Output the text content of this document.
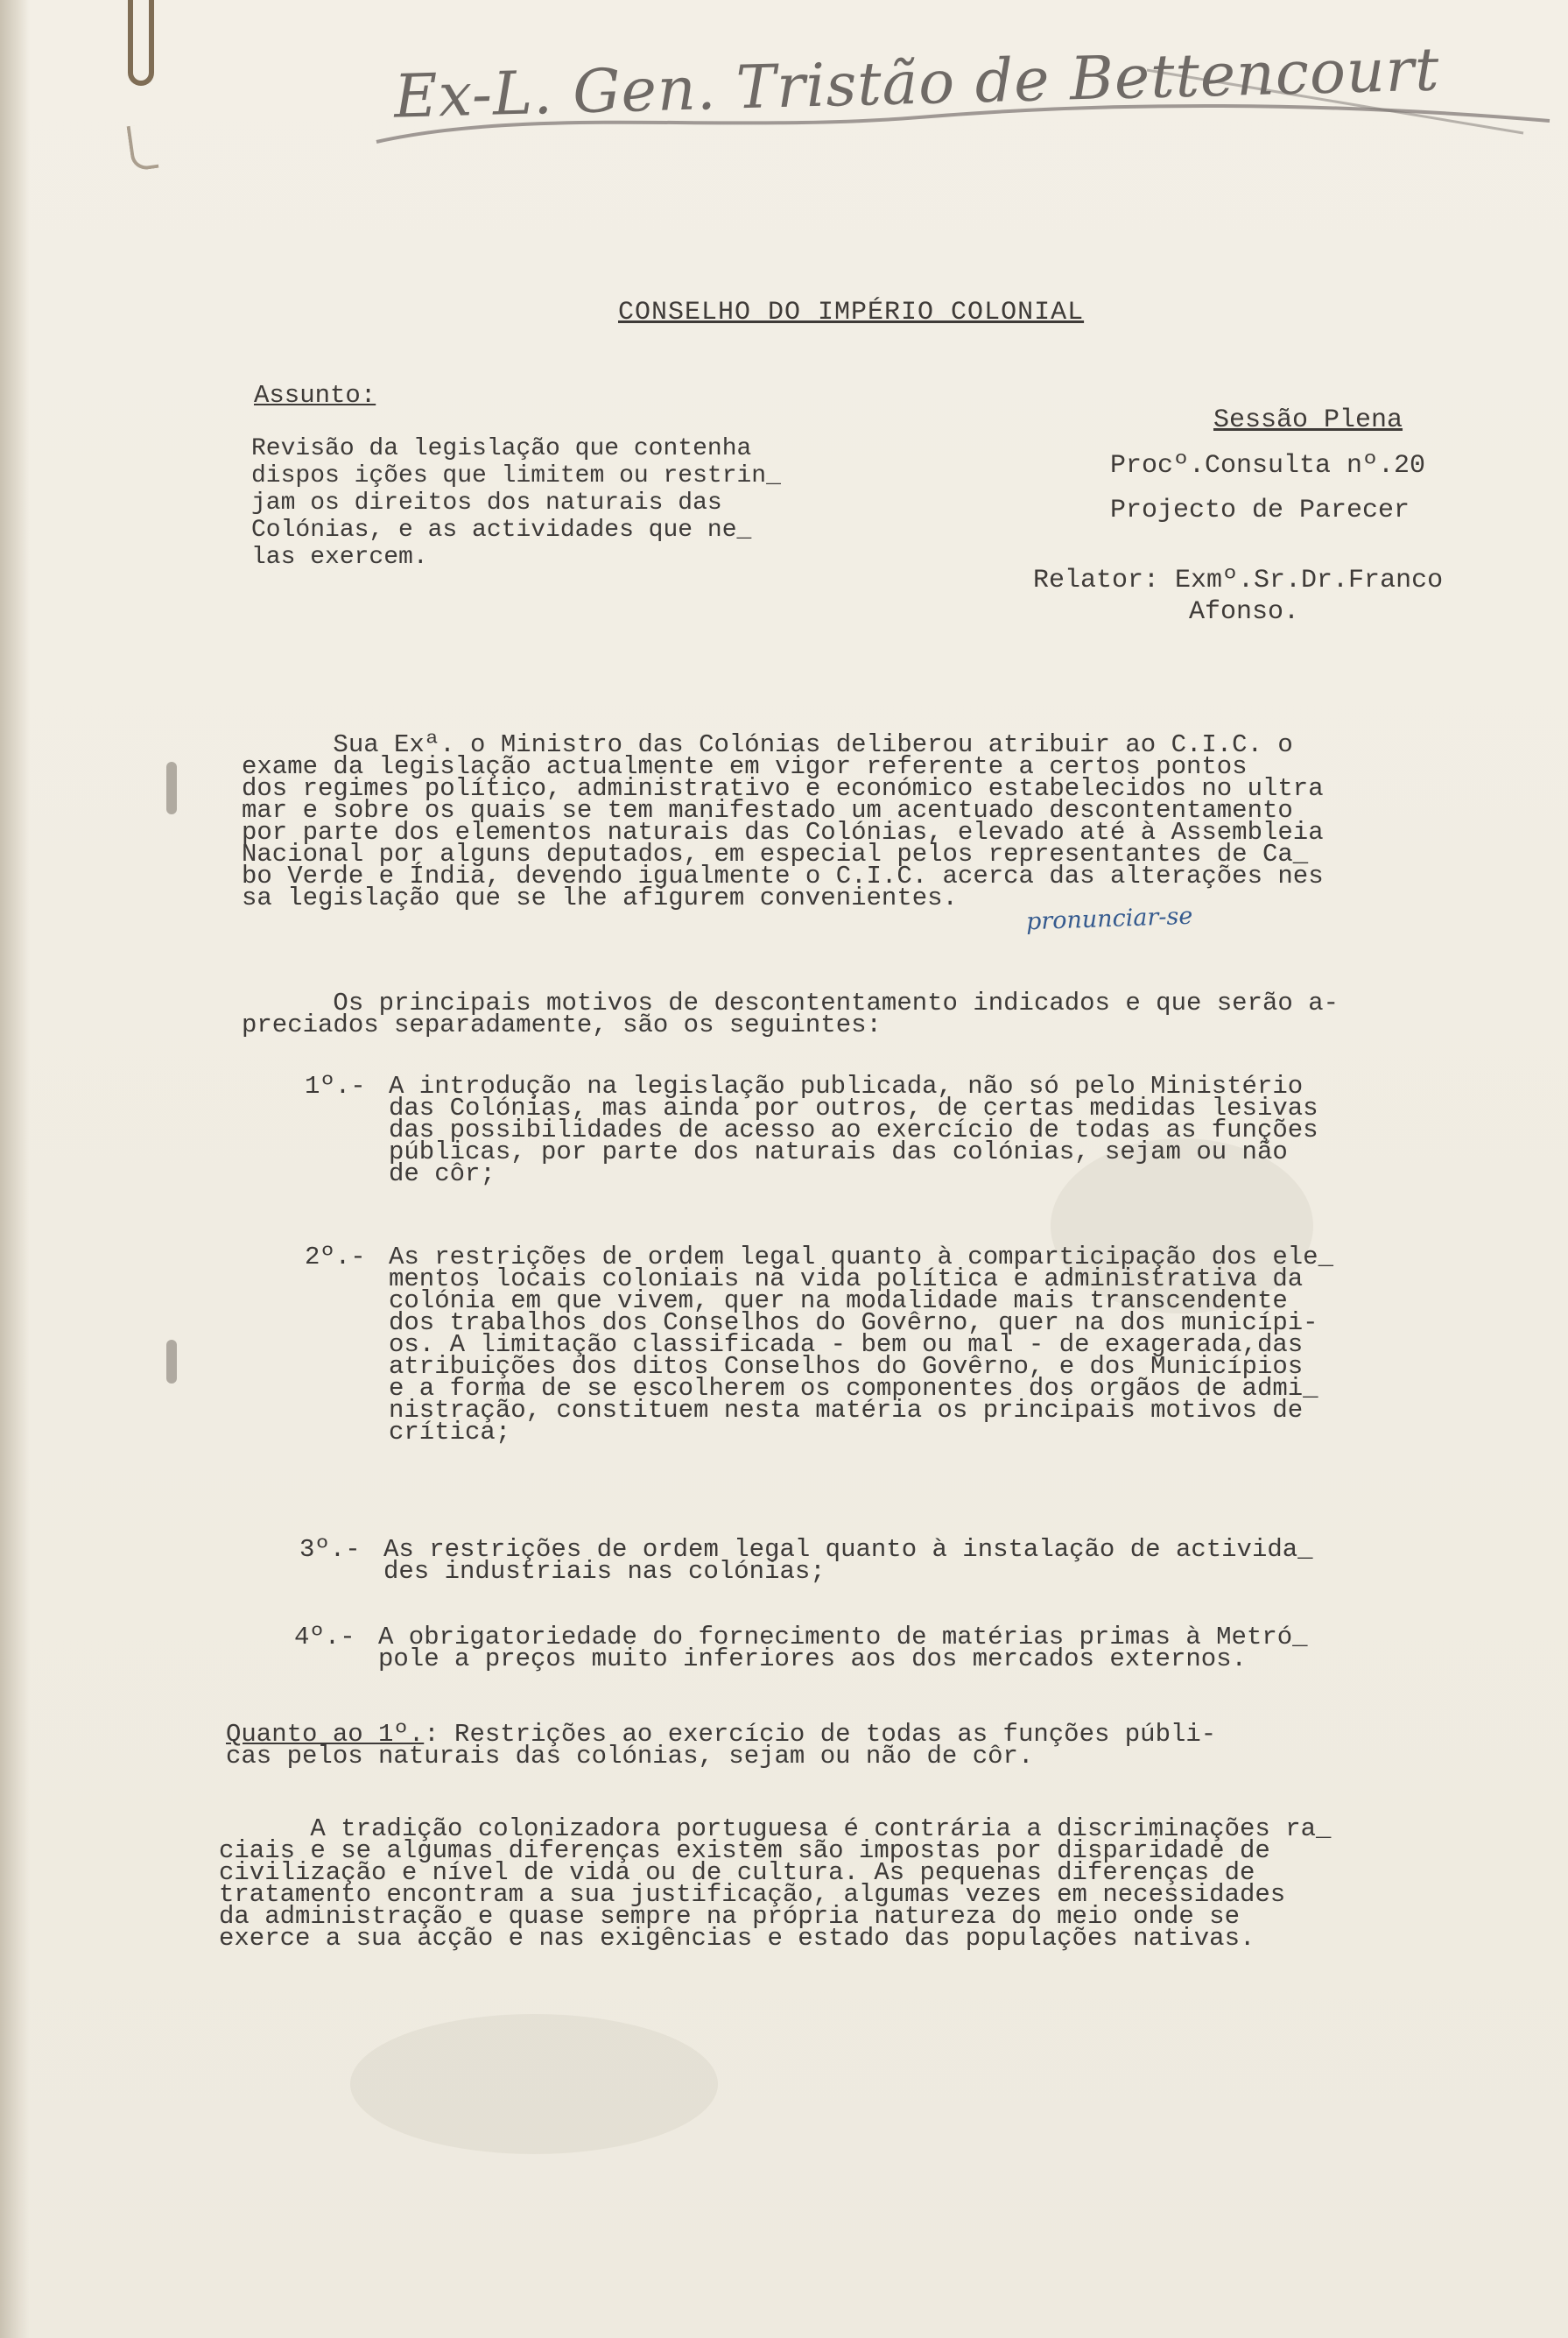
Ex-L. Gen. Tristão de Bettencourt
CONSELHO DO IMPÉRIO COLONIAL
Assunto:
Revisão da legislação que contenha
dispos ições que limitem ou restrin_
jam os direitos dos naturais das
Colónias, e as actividades que ne_
las exercem.
Sessão Plena
Procº.Consulta nº.20
Projecto de Parecer
Relator: Exmº.Sr.Dr.Franco
Afonso.
Sua Exª. o Ministro das Colónias deliberou atribuir ao C.I.C. o
exame da legislação actualmente em vigor referente a certos pontos
dos regimes político, administrativo e económico estabelecidos no ultra
mar e sobre os quais se tem manifestado um acentuado descontentamento
por parte dos elementos naturais das Colónias, elevado até à Assembleia
Nacional por alguns deputados, em especial pelos representantes de Ca_
bo Verde e Índia, devendo igualmente o C.I.C. acerca das alterações nes
sa legislação que se lhe afigurem convenientes.
pronunciar-se
Os principais motivos de descontentamento indicados e que serão a-
preciados separadamente, são os seguintes:
1º.- A introdução na legislação publicada, não só pelo Ministério
das Colónias, mas ainda por outros, de certas medidas lesivas
das possibilidades de acesso ao exercício de todas as funções
públicas, por parte dos naturais das colónias, sejam ou não
de côr;
2º.- As restrições de ordem legal quanto à comparticipação dos ele_
mentos locais coloniais na vida política e administrativa da
colónia em que vivem, quer na modalidade mais transcendente
dos trabalhos dos Conselhos do Govêrno, quer na dos municípi-
os. A limitação classificada - bem ou mal - de exagerada,das
atribuições dos ditos Conselhos do Govêrno, e dos Municípios
e a forma de se escolherem os componentes dos orgãos de admi_
nistração, constituem nesta matéria os principais motivos de
crítica;
3º.- As restrições de ordem legal quanto à instalação de activida_
des industriais nas colónias;
4º.- A obrigatoriedade do fornecimento de matérias primas à Metró_
pole a preços muito inferiores aos dos mercados externos.
Quanto ao 1º.: Restrições ao exercício de todas as funções públi-
cas pelos naturais das colónias, sejam ou não de côr.
A tradição colonizadora portuguesa é contrária a discriminações ra_
ciais e se algumas diferenças existem são impostas por disparidade de
civilização e nível de vida ou de cultura. As pequenas diferenças de
tratamento encontram a sua justificação, algumas vezes em necessidades
da administração e quase sempre na própria natureza do meio onde se
exerce a sua acção e nas exigências e estado das populações nativas.
